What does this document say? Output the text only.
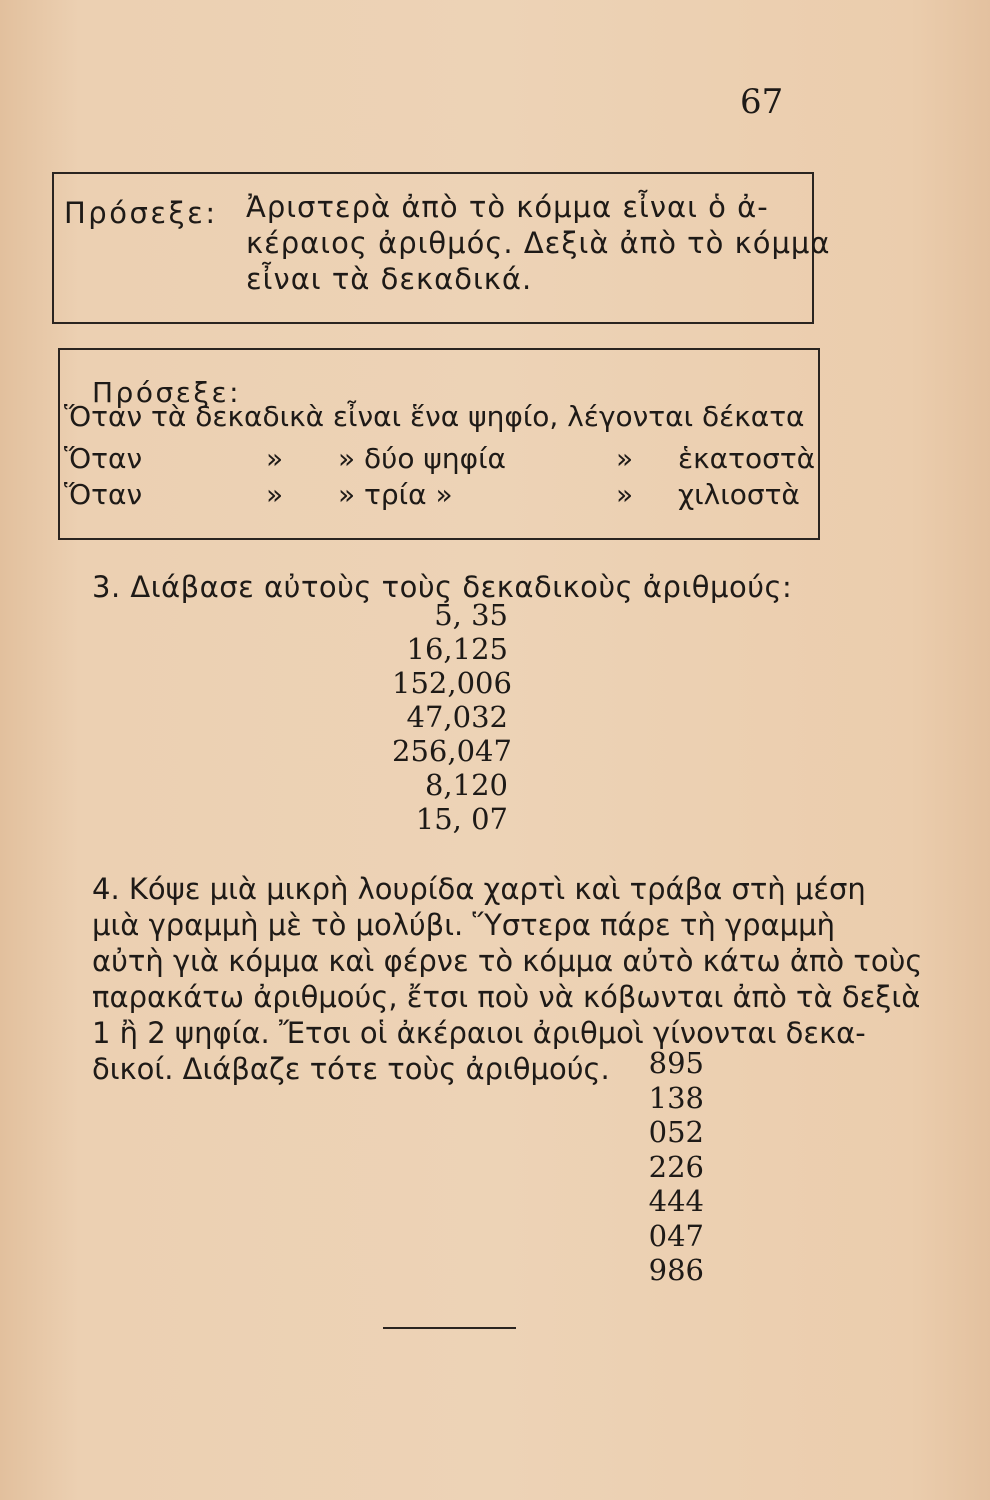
67
Πρόσεξε: Ἀριστερὰ ἀπὸ τὸ κόμμα εἶναι ὁ ἀ-
κέραιος ἀριθμός. Δεξιὰ ἀπὸ τὸ κόμμα
εἶναι τὰ δεκαδικά.
Πρόσεξε:
Ὅταν τὰ δεκαδικὰ εἶναι ἕνα ψηφίο, λέγονται δέκατα
Ὅταν	» » δύο ψηφία	» ἑκατοστὰ
Ὅταν	» » τρία »	» χιλιοστὰ
3. Διάβασε αὐτοὺς τοὺς δεκαδικοὺς ἀριθμούς:
5, 35
16,125
152,006
47,032
256,047
8,120
15, 07
4. Κόψε μιὰ μικρὴ λουρίδα χαρτὶ καὶ τράβα στὴ μέση
μιὰ γραμμὴ μὲ τὸ μολύβι. Ὕστερα πάρε τὴ γραμμὴ
αὐτὴ γιὰ κόμμα καὶ φέρνε τὸ κόμμα αὐτὸ κάτω ἀπὸ τοὺς
παρακάτω ἀριθμούς, ἔτσι ποὺ νὰ κόβωνται ἀπὸ τὰ δεξιὰ
1 ἢ 2 ψηφία. Ἔτσι οἱ ἀκέραιοι ἀριθμοὶ γίνονται δεκα-
δικοί. Διάβαζε τότε τοὺς ἀριθμούς. 895
138
052
226
444
047
986
